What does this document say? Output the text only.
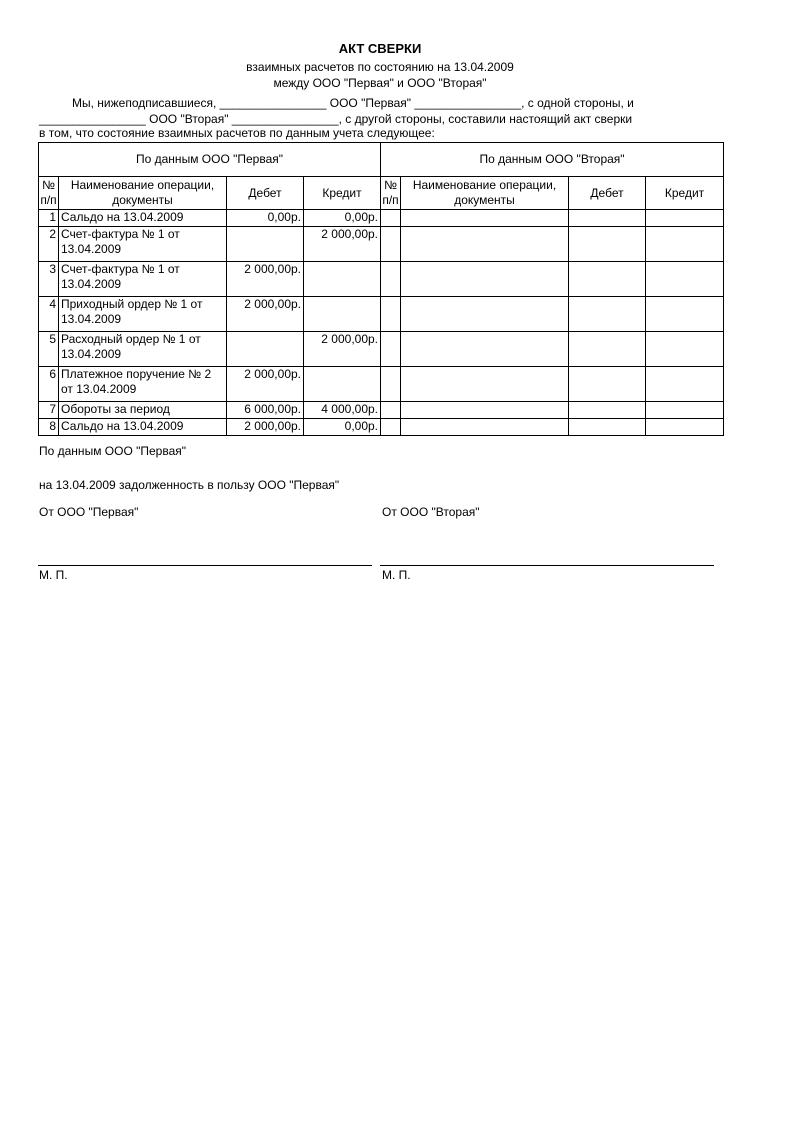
АКТ СВЕРКИ
взаимных расчетов по состоянию на 13.04.2009
между ООО "Первая" и ООО "Вторая"
Мы, нижеподписавшиеся, ________________ ООО "Первая" ________________, с одной стороны, и
________________ ООО "Вторая" ________________, с другой стороны, составили настоящий акт сверки
в том, что состояние взаимных расчетов по данным учета следующее:
По данным ООО "Первая"				По данным ООО "Вторая"			
№ п/п	Наименование операции, документы	Дебет	Кредит	№ п/п	Наименование операции, документы	Дебет	Кредит
1	Сальдо на 13.04.2009	0,00р.	0,00р.				
2	Счет-фактура № 1 от 13.04.2009		2 000,00р.				
3	Счет-фактура № 1 от 13.04.2009	2 000,00р.					
4	Приходный ордер № 1 от 13.04.2009	2 000,00р.					
5	Расходный ордер № 1 от 13.04.2009		2 000,00р.				
6	Платежное поручение № 2 от 13.04.2009	2 000,00р.					
7	Обороты за период	6 000,00р.	4 000,00р.				
8	Сальдо на 13.04.2009	2 000,00р.	0,00р.				
По данным ООО "Первая"
на 13.04.2009 задолженность в пользу ООО "Первая"
От ООО "Первая"	От ООО "Вторая"
М. П.	М. П.
